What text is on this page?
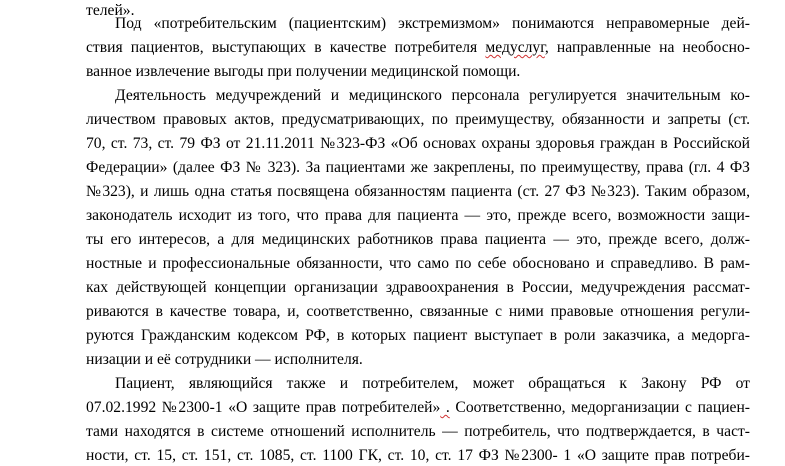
Под «потребительским (пациентским) экстремизмом» понимаются неправомерные дей-
ствия пациентов, выступающих в качестве потребителя медуслуг, направленные на необосно-
ванное извлечение выгоды при получении медицинской помощи.
Деятельность медучреждений и медицинского персонала регулируется значительным ко-
личеством правовых актов, предусматривающих, по преимуществу, обязанности и запреты (ст.
70, ст. 73, ст. 79 ФЗ от 21.11.2011 №323-ФЗ «Об основах охраны здоровья граждан в Российской
Федерации» (далее ФЗ № 323). За пациентами же закреплены, по преимуществу, права (гл. 4 ФЗ
№323), и лишь одна статья посвящена обязанностям пациента (ст. 27 ФЗ №323). Таким образом,
законодатель исходит из того, что права для пациента — это, прежде всего, возможности защи-
ты его интересов, а для медицинских работников права пациента — это, прежде всего, долж-
ностные и профессиональные обязанности, что само по себе обосновано и справедливо. В рам-
ках действующей концепции организации здравоохранения в России, медучреждения рассмат-
риваются в качестве товара, и, соответственно, связанные с ними правовые отношения регули-
руются Гражданским кодексом РФ, в которых пациент выступает в роли заказчика, а медорга-
низации и её сотрудники — исполнителя.
Пациент, являющийся также и потребителем, может обращаться к Закону РФ от
07.02.1992 №2300-1 «О защите прав потребителей» . Соответственно, медорганизации с пациен-
тами находятся в системе отношений исполнитель — потребитель, что подтверждается, в част-
ности, ст. 15, ст. 151, ст. 1085, ст. 1100 ГК, ст. 10, ст. 17 ФЗ №2300- 1 «О защите прав потреби-
телей».
